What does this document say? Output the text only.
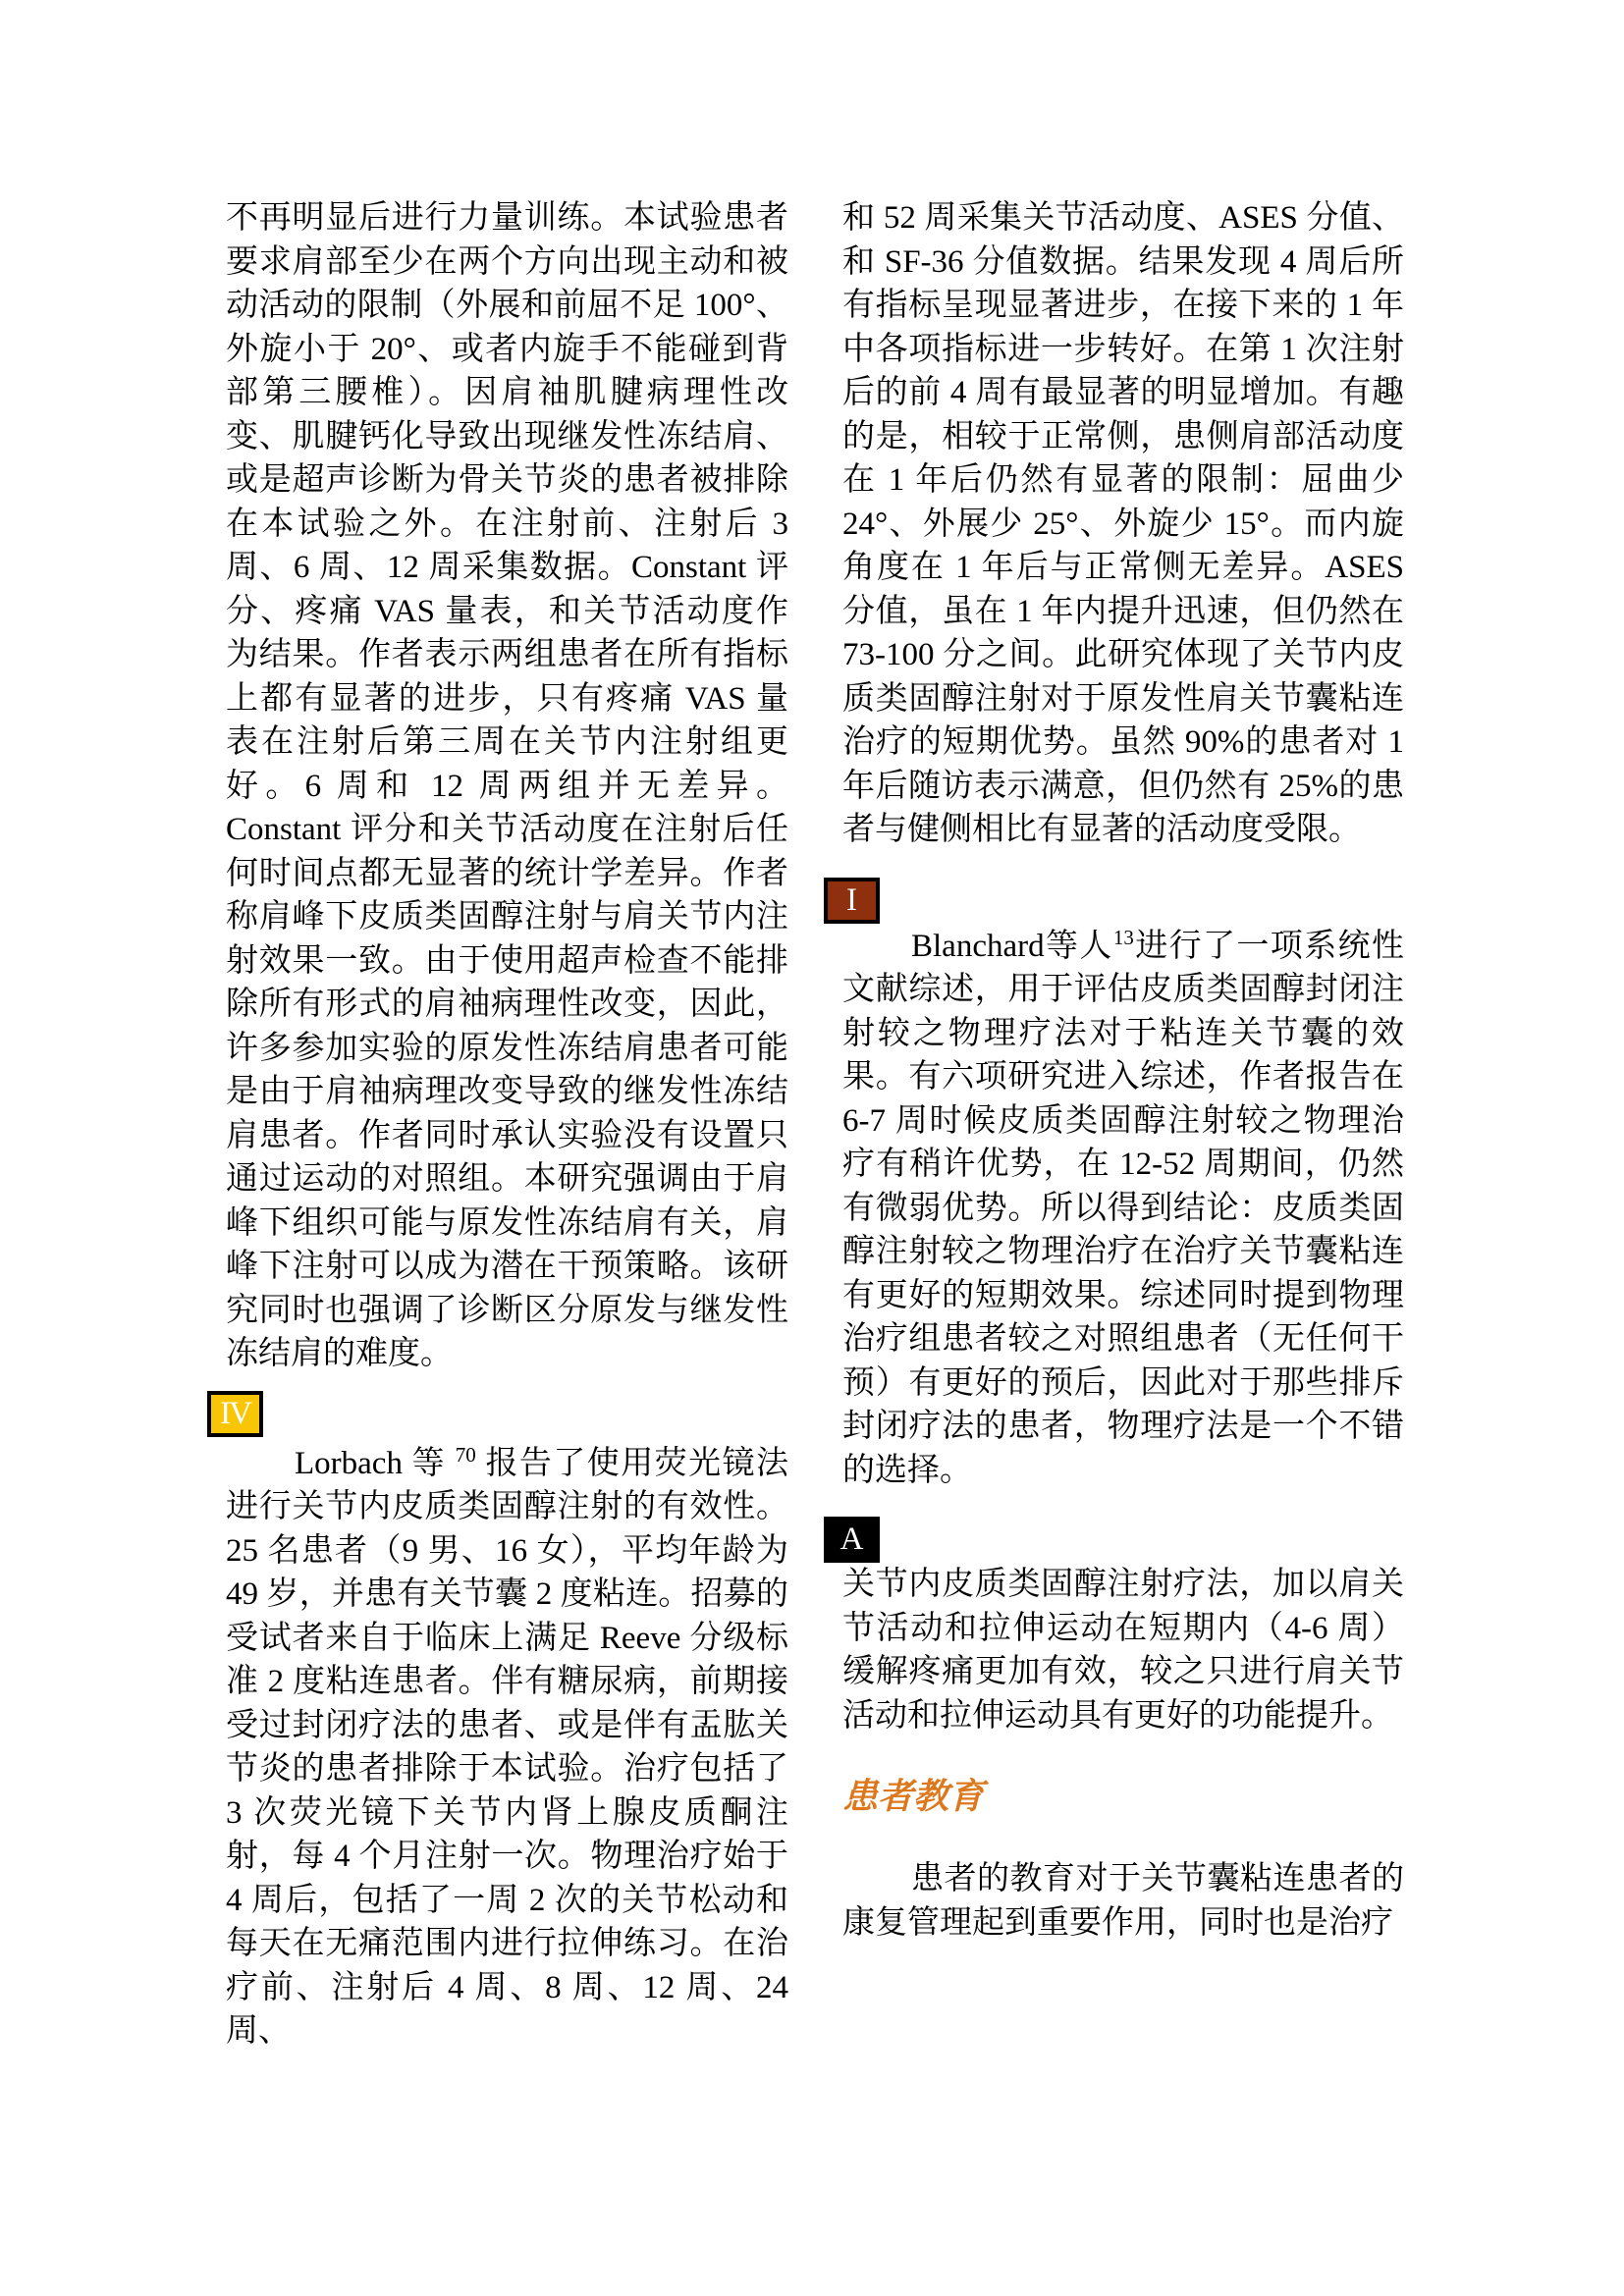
不再明显后进行力量训练。本试验患者要求肩部至少在两个方向出现主动和被动活动的限制（外展和前屈不足 100°、外旋小于 20°、或者内旋手不能碰到背部第三腰椎）。因肩袖肌腱病理性改变、肌腱钙化导致出现继发性冻结肩、或是超声诊断为骨关节炎的患者被排除在本试验之外。在注射前、注射后 3 周、6 周、12 周采集数据。Constant 评分、疼痛 VAS 量表，和关节活动度作为结果。作者表示两组患者在所有指标上都有显著的进步，只有疼痛 VAS 量表在注射后第三周在关节内注射组更好。6 周和 12 周两组并无差异。Constant 评分和关节活动度在注射后任何时间点都无显著的统计学差异。作者称肩峰下皮质类固醇注射与肩关节内注射效果一致。由于使用超声检查不能排除所有形式的肩袖病理性改变，因此，许多参加实验的原发性冻结肩患者可能是由于肩袖病理改变导致的继发性冻结肩患者。作者同时承认实验没有设置只通过运动的对照组。本研究强调由于肩峰下组织可能与原发性冻结肩有关，肩峰下注射可以成为潜在干预策略。该研究同时也强调了诊断区分原发与继发性冻结肩的难度。

IV

Lorbach 等 $^{70}$ 报告了使用荧光镜法进行关节内皮质类固醇注射的有效性。25 名患者（9 男、16 女），平均年龄为 49 岁，并患有关节囊 2 度粘连。招募的受试者来自于临床上满足 Reeve 分级标准 2 度粘连患者。伴有糖尿病，前期接受过封闭疗法的患者、或是伴有盂肱关节炎的患者排除于本试验。治疗包括了 3 次荧光镜下关节内肾上腺皮质酮注射，每 4 个月注射一次。物理治疗始于 4 周后，包括了一周 2 次的关节松动和每天在无痛范围内进行拉伸练习。在治疗前、注射后 4 周、8 周、12 周、24 周、

和 52 周采集关节活动度、ASES 分值、和 SF-36 分值数据。结果发现 4 周后所有指标呈现显著进步，在接下来的 1 年中各项指标进一步转好。在第 1 次注射后的前 4 周有最显著的明显增加。有趣的是，相较于正常侧，患侧肩部活动度在 1 年后仍然有显著的限制：屈曲少 24°、外展少 25°、外旋少 15°。而内旋角度在 1 年后与正常侧无差异。ASES 分值，虽在 1 年内提升迅速，但仍然在 73-100 分之间。此研究体现了关节内皮质类固醇注射对于原发性肩关节囊粘连治疗的短期优势。虽然 90%的患者对 1 年后随访表示满意，但仍然有 25%的患者与健侧相比有显著的活动度受限。

I

Blanchard等人$^{13}$进行了一项系统性文献综述，用于评估皮质类固醇封闭注射较之物理疗法对于粘连关节囊的效果。有六项研究进入综述，作者报告在 6-7 周时候皮质类固醇注射较之物理治疗有稍许优势，在 12-52 周期间，仍然有微弱优势。所以得到结论：皮质类固醇注射较之物理治疗在治疗关节囊粘连有更好的短期效果。综述同时提到物理治疗组患者较之对照组患者（无任何干预）有更好的预后，因此对于那些排斥封闭疗法的患者，物理疗法是一个不错的选择。

A

关节内皮质类固醇注射疗法，加以肩关节活动和拉伸运动在短期内（4-6 周）缓解疼痛更加有效，较之只进行肩关节活动和拉伸运动具有更好的功能提升。

患者教育

患者的教育对于关节囊粘连患者的康复管理起到重要作用，同时也是治疗
